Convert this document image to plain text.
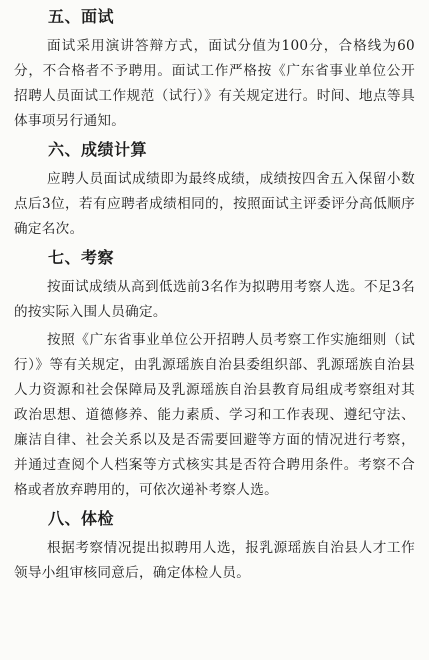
五、面试

面试采用演讲答辩方式，面试分值为100分，合格线为60分，不合格者不予聘用。面试工作严格按《广东省事业单位公开招聘人员面试工作规范（试行）》有关规定进行。时间、地点等具体事项另行通知。

六、成绩计算

应聘人员面试成绩即为最终成绩，成绩按四舍五入保留小数点后3位，若有应聘者成绩相同的，按照面试主评委评分高低顺序确定名次。

七、考察

按面试成绩从高到低选前3名作为拟聘用考察人选。不足3名的按实际入围人员确定。

按照《广东省事业单位公开招聘人员考察工作实施细则（试行）》等有关规定，由乳源瑶族自治县委组织部、乳源瑶族自治县人力资源和社会保障局及乳源瑶族自治县教育局组成考察组对其政治思想、道德修养、能力素质、学习和工作表现、遵纪守法、廉洁自律、社会关系以及是否需要回避等方面的情况进行考察，并通过查阅个人档案等方式核实其是否符合聘用条件。考察不合格或者放弃聘用的，可依次递补考察人选。

八、体检

根据考察情况提出拟聘用人选，报乳源瑶族自治县人才工作领导小组审核同意后，确定体检人员。
